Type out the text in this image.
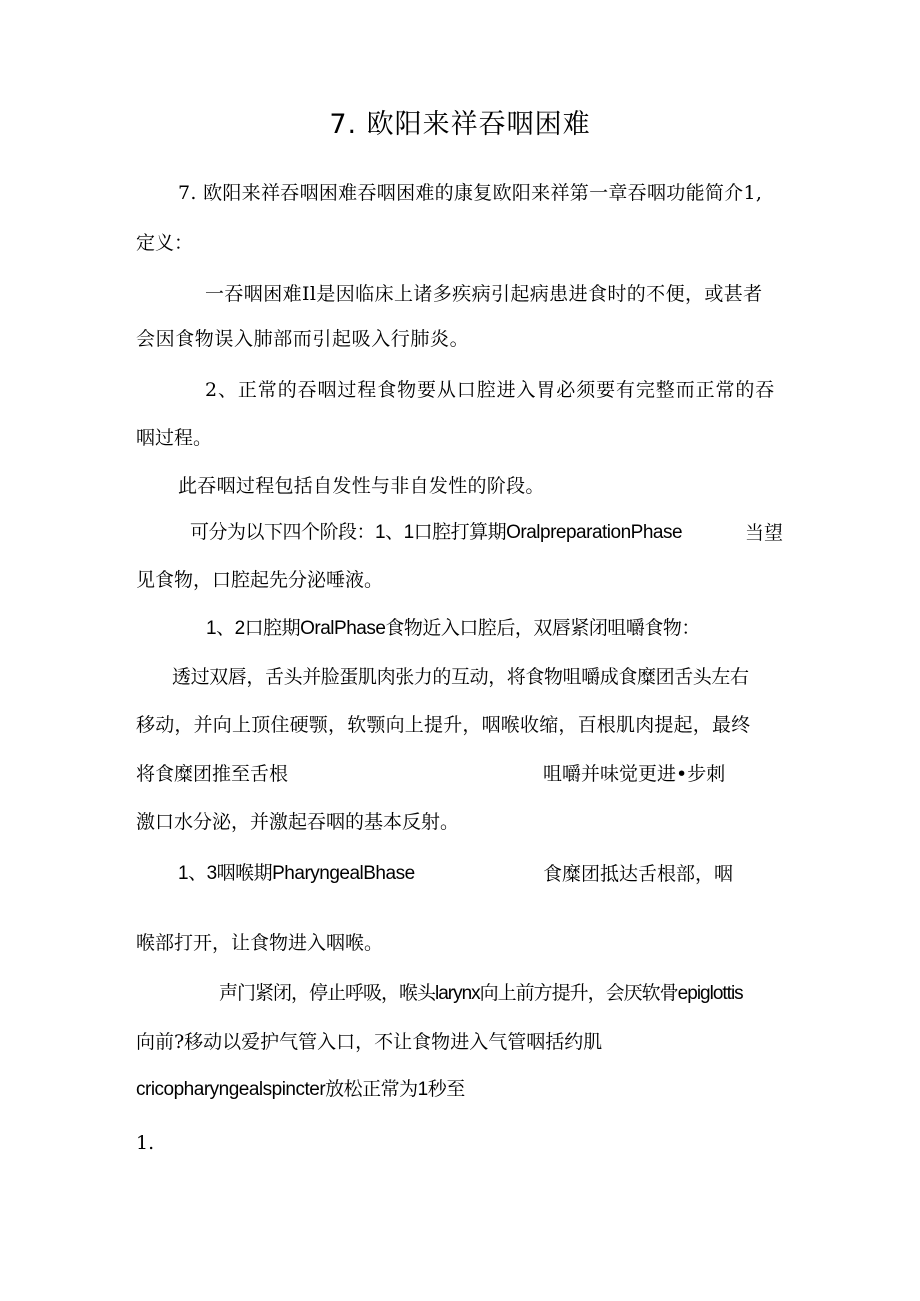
7. 欧阳来祥吞咽困难
7. 欧阳来祥吞咽困难吞咽困难的康复欧阳来祥第一章吞咽功能简介1,
定义：
一吞咽困难Il是因临床上诸多疾病引起病患进食时的不便，或甚者
会因食物误入肺部而引起吸入行肺炎。
2、正常的吞咽过程食物要从口腔进入胃必须要有完整而正常的吞
咽过程。
此吞咽过程包括自发性与非自发性的阶段。
可分为以下四个阶段：1、1口腔打算期OralpreparationPhase	当望
见食物，口腔起先分泌唾液。
1、2口腔期OralPhase食物近入口腔后，双唇紧闭咀嚼食物：
透过双唇，舌头并脸蛋肌肉张力的互动，将食物咀嚼成食糜团舌头左右
移动，并向上顶住硬颚，软颚向上提升，咽喉收缩，百根肌肉提起，最终
将食糜团推至舌根	咀嚼并味觉更进•步刺
激口水分泌，并激起吞咽的基本反射。
1、3咽喉期PharyngealBhase	食糜团抵达舌根部，咽
喉部打开，让食物进入咽喉。
声门紧闭，停止呼吸，喉头larynx向上前方提升，会厌软骨epiglottis
向前?移动以爱护气管入口，不让食物进入气管咽括约肌
cricopharyngealspincter放松正常为1秒至
1.
